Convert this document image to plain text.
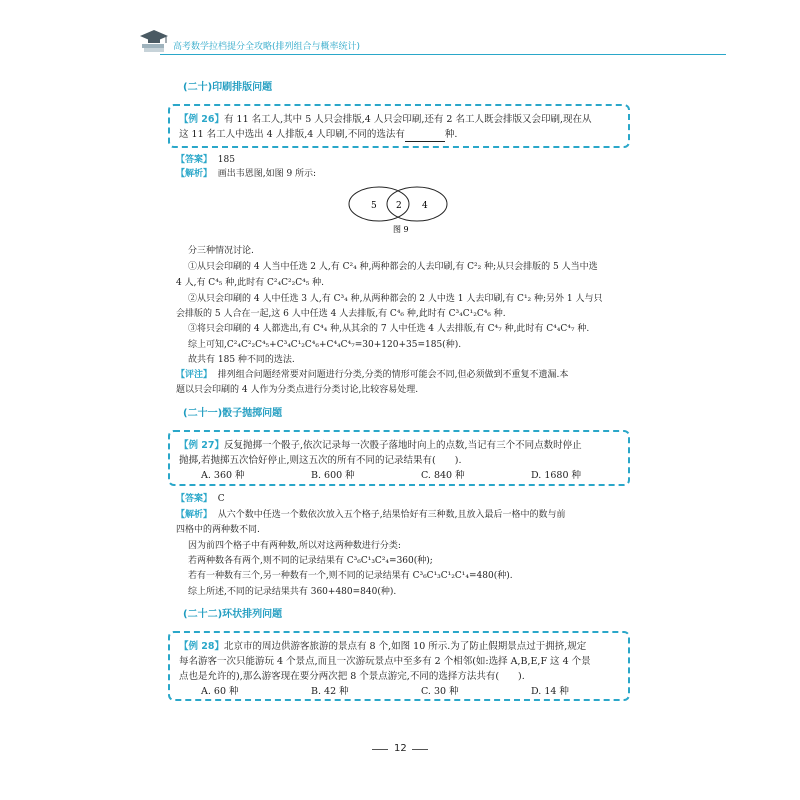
高考数学拉档提分全攻略(排列组合与概率统计)
(二十)印刷排版问题
【例 26】有 11 名工人,其中 5 人只会排版,4 人只会印刷,还有 2 名工人既会排版又会印刷,现在从
这 11 名工人中选出 4 人排版,4 人印刷,不同的选法有	种.
【答案】 185
【解析】 画出韦恩图,如图 9 所示:
5 2 4
图 9
分三种情况讨论.
①从只会印刷的 4 人当中任选 2 人,有 C²₄ 种,两种都会的人去印刷,有 C²₂ 种;从只会排版的 5 人当中选
4 人,有 C⁴₅ 种,此时有 C²₄C²₂C⁴₅ 种.
②从只会印刷的 4 人中任选 3 人,有 C³₄ 种,从两种都会的 2 人中选 1 人去印刷,有 C¹₂ 种;另外 1 人与只
会排版的 5 人合在一起,这 6 人中任选 4 人去排版,有 C⁴₆ 种,此时有 C³₄C¹₂C⁴₆ 种.
③将只会印刷的 4 人都选出,有 C⁴₄ 种,从其余的 7 人中任选 4 人去排版,有 C⁴₇ 种,此时有 C⁴₄C⁴₇ 种.
综上可知,C²₄C²₂C⁴₅+C³₄C¹₂C⁴₆+C⁴₄C⁴₇=30+120+35=185(种).
故共有 185 种不同的选法.
【评注】 排列组合问题经常要对问题进行分类,分类的情形可能会不同,但必须做到不重复不遗漏.本
题以只会印刷的 4 人作为分类点进行分类讨论,比较容易处理.
(二十一)骰子抛掷问题
【例 27】反复抛掷一个骰子,依次记录每一次骰子落地时向上的点数,当记有三个不同点数时停止
抛掷,若抛掷五次恰好停止,则这五次的所有不同的记录结果有(　　).
A. 360 种	B. 600 种	C. 840 种	D. 1680 种
【答案】 C
【解析】 从六个数中任选一个数依次放入五个格子,结果恰好有三种数,且放入最后一格中的数与前
四格中的两种数不同.
因为前四个格子中有两种数,所以对这两种数进行分类:
若两种数各有两个,则不同的记录结果有 C³₆C¹₃C²₄=360(种);
若有一种数有三个,另一种数有一个,则不同的记录结果有 C³₆C¹₃C¹₂C¹₄=480(种).
综上所述,不同的记录结果共有 360+480=840(种).
(二十二)环状排列问题
【例 28】北京市的周边供游客旅游的景点有 8 个,如图 10 所示.为了防止假期景点过于拥挤,规定
每名游客一次只能游玩 4 个景点,而且一次游玩景点中至多有 2 个相邻(如:选择 A,B,E,F 这 4 个景
点也是允许的),那么游客现在要分两次把 8 个景点游完,不同的选择方法共有(　　).
A. 60 种	B. 42 种	C. 30 种	D. 14 种
12
